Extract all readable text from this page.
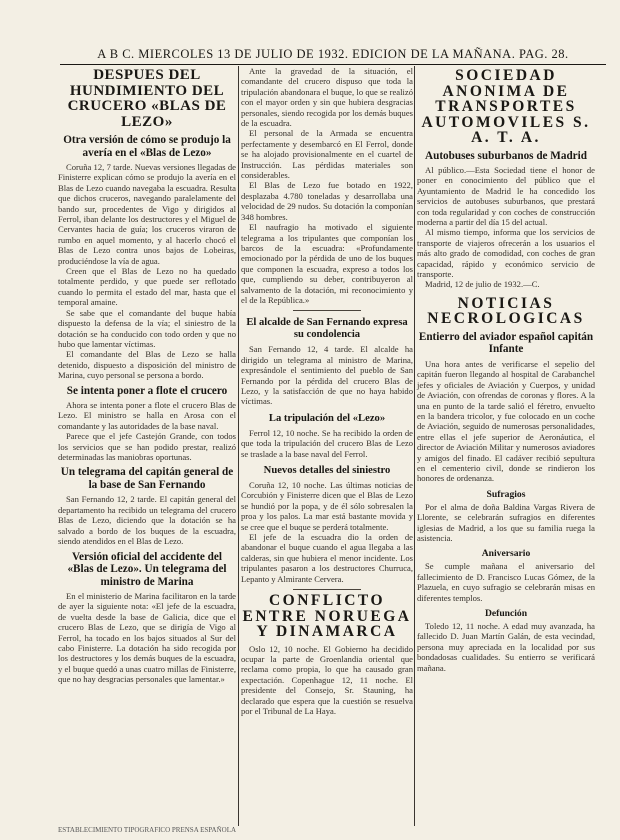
A B C. MIERCOLES 13 DE JULIO DE 1932. EDICION DE LA MAÑANA. PAG. 28.
DESPUES DEL HUNDIMIENTO DEL CRUCERO «BLAS DE LEZO»
Otra versión de cómo se produjo la avería en el «Blas de Lezo»

Coruña 12, 7 tarde. Nuevas versiones llegadas de Finisterre explican cómo se produjo la avería en el Blas de Lezo cuando navegaba la escuadra. Resulta que dichos cruceros, navegando paralelamente del bando sur, procedentes de Vigo y dirigidos al Ferrol, iban delante los destructores y el Miguel de Cervantes hacia de guía; los cruceros viraron de rumbo en aquel momento, y al hacerlo chocó el Blas de Lezo contra unos bajos de Lobeiras, produciéndose la vía de agua.

Creen que el Blas de Lezo no ha quedado totalmente perdido, y que puede ser reflotado cuando lo permita el estado del mar, hasta que el temporal amaine.

Se sabe que el comandante del buque había dispuesto la defensa de la vía; el siniestro de la dotación se ha conducido con todo orden y que no hubo que lamentar víctimas.

El comandante del Blas de Lezo se halla detenido, dispuesto a disposición del ministro de Marina, cuyo personal se persona a bordo.

Se intenta poner a flote el crucero

Ahora se intenta poner a flote el crucero Blas de Lezo. El ministro se halla en Arosa con el comandante y las autoridades de la base naval.

Parece que el jefe Castejón Grande, con todos los servicios que se han podido prestar, realizó determinadas las maniobras oportunas.

Un telegrama del capitán general de la base de San Fernando

San Fernando 12, 2 tarde. El capitán general del departamento ha recibido un telegrama del crucero Blas de Lezo, diciendo que la dotación se ha salvado a bordo de los buques de la escuadra, siendo atendidos en el Blas de Lezo.

Versión oficial del accidente del «Blas de Lezo». Un telegrama del ministro de Marina

En el ministerio de Marina facilitaron en la tarde de ayer la siguiente nota: «El jefe de la escuadra, de vuelta desde la base de Galicia, dice que el crucero Blas de Lezo, que se dirigía de Vigo al Ferrol, ha tocado en los bajos situados al Sur del cabo Finisterre. La dotación ha sido recogida por los destructores y los demás buques de la escuadra, y el buque quedó a unas cuatro millas de Finisterre, que no hay desgracias personales que lamentar.»

Ante la gravedad de la situación, el comandante del crucero dispuso que toda la tripulación abandonara el buque, lo que se realizó con el mayor orden y sin que hubiera desgracias personales, siendo recogida por los demás buques de la escuadra.

El personal de la Armada se encuentra perfectamente y desembarcó en El Ferrol, donde se ha alojado provisionalmente en el cuartel de Instrucción. Las pérdidas materiales son considerables.

El Blas de Lezo fue botado en 1922, desplazaba 4.780 toneladas y desarrollaba una velocidad de 29 nudos. Su dotación la componían 348 hombres.

El naufragio ha motivado el siguiente telegrama a los tripulantes que componían los barcos de la escuadra: «Profundamente emocionado por la pérdida de uno de los buques que componen la escuadra, expreso a todos los que, cumpliendo su deber, contribuyeron al salvamento de la dotación, mi reconocimiento y el de la República.»

El alcalde de San Fernando expresa su condolencia

San Fernando 12, 4 tarde. El alcalde ha dirigido un telegrama al ministro de Marina, expresándole el sentimiento del pueblo de San Fernando por la pérdida del crucero Blas de Lezo, y la satisfacción de que no haya habido víctimas.

La tripulación del «Lezo»

Ferrol 12, 10 noche. Se ha recibido la orden de que toda la tripulación del crucero Blas de Lezo se traslade a la base naval del Ferrol.

Nuevos detalles del siniestro

Coruña 12, 10 noche. Las últimas noticias de Corcubión y Finisterre dicen que el Blas de Lezo se hundió por la popa, y de él sólo sobresalen la proa y los palos. La mar está bastante movida y se cree que el buque se perderá totalmente.

El jefe de la escuadra dio la orden de abandonar el buque cuando el agua llegaba a las calderas, sin que hubiera el menor incidente. Los tripulantes pasaron a los destructores Churruca, Lepanto y Almirante Cervera.

CONFLICTO ENTRE NORUEGA Y DINAMARCA

Oslo 12, 10 noche. El Gobierno ha decidido ocupar la parte de Groenlandia oriental que reclama como propia, lo que ha causado gran expectación. Copenhague 12, 11 noche. El presidente del Consejo, Sr. Stauning, ha declarado que espera que la cuestión se resuelva por el Tribunal de La Haya.

SOCIEDAD ANONIMA DE TRANSPORTES AUTOMOVILES S. A. T. A.
Autobuses suburbanos de Madrid

Al público.—Esta Sociedad tiene el honor de poner en conocimiento del público que el Ayuntamiento de Madrid le ha concedido los servicios de autobuses suburbanos, que prestará con toda regularidad y con coches de construcción moderna a partir del día 15 del actual.

Al mismo tiempo, informa que los servicios de transporte de viajeros ofrecerán a los usuarios el más alto grado de comodidad, con coches de gran capacidad, rápido y económico servicio de transporte.

Madrid, 12 de julio de 1932.—C.

NOTICIAS NECROLOGICAS
Entierro del aviador español capitán Infante

Una hora antes de verificarse el sepelio del capitán fueron llegando al hospital de Carabanchel jefes y oficiales de Aviación y Cuerpos, y unidad de Aviación, con ofrendas de coronas y flores. A la una en punto de la tarde salió el féretro, envuelto en la bandera tricolor, y fue colocado en un coche de Aviación, seguido de numerosas personalidades, entre ellas el jefe superior de Aeronáutica, el director de Aviación Militar y numerosos aviadores y amigos del finado. El cadáver recibió sepultura en el cementerio civil, donde se rindieron los honores de ordenanza.

Sufragios

Por el alma de doña Baldina Vargas Rivera de Llorente, se celebrarán sufragios en diferentes iglesias de Madrid, a los que su familia ruega la asistencia.

Aniversario

Se cumple mañana el aniversario del fallecimiento de D. Francisco Lucas Gómez, de la Plazuela, en cuyo sufragio se celebrarán misas en diferentes templos.

Defunción

Toledo 12, 11 noche. A edad muy avanzada, ha fallecido D. Juan Martín Galán, de esta vecindad, persona muy apreciada en la localidad por sus bondadosas cualidades. Su entierro se verificará mañana.

ESTABLECIMIENTO TIPOGRAFICO PRENSA ESPAÑOLA
